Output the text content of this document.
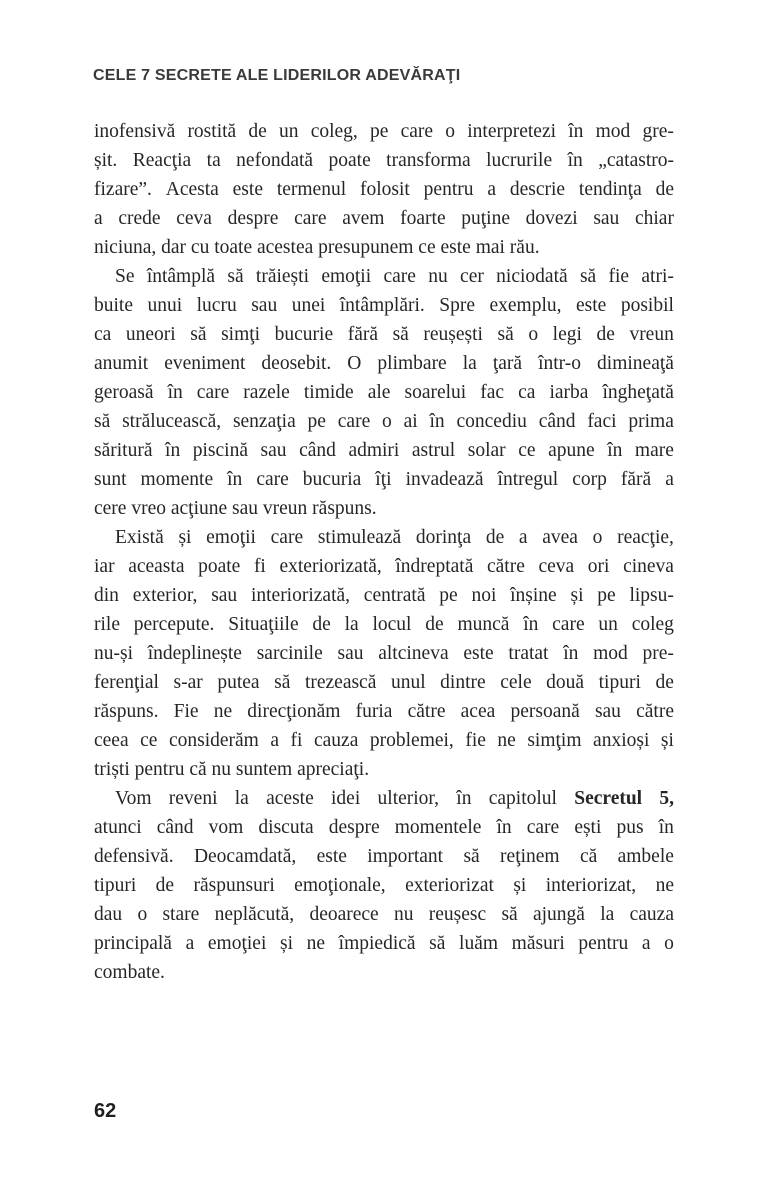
CELE 7 SECRETE ALE LIDERILOR ADEVĂRAŢI
inofensivă rostită de un coleg, pe care o interpretezi în mod gre-
șit. Reacţia ta nefondată poate transforma lucrurile în „catastro-
fizare”. Acesta este termenul folosit pentru a descrie tendinţa de
a crede ceva despre care avem foarte puţine dovezi sau chiar
niciuna, dar cu toate acestea presupunem ce este mai rău.
Se întâmplă să trăiești emoţii care nu cer niciodată să fie atri-
buite unui lucru sau unei întâmplări. Spre exemplu, este posibil
ca uneori să simţi bucurie fără să reușești să o legi de vreun
anumit eveniment deosebit. O plimbare la ţară într-o dimineaţă
geroasă în care razele timide ale soarelui fac ca iarba îngheţată
să strălucească, senzaţia pe care o ai în concediu când faci prima
săritură în piscină sau când admiri astrul solar ce apune în mare
sunt momente în care bucuria îţi invadează întregul corp fără a
cere vreo acţiune sau vreun răspuns.
Există și emoţii care stimulează dorinţa de a avea o reacţie,
iar aceasta poate fi exteriorizată, îndreptată către ceva ori cineva
din exterior, sau interiorizată, centrată pe noi înșine și pe lipsu-
rile percepute. Situaţiile de la locul de muncă în care un coleg
nu-și îndeplinește sarcinile sau altcineva este tratat în mod pre-
ferenţial s-ar putea să trezească unul dintre cele două tipuri de
răspuns. Fie ne direcţionăm furia către acea persoană sau către
ceea ce considerăm a fi cauza problemei, fie ne simţim anxioși și
triști pentru că nu suntem apreciaţi.
Vom reveni la aceste idei ulterior, în capitolul Secretul 5,
atunci când vom discuta despre momentele în care ești pus în
defensivă. Deocamdată, este important să reţinem că ambele
tipuri de răspunsuri emoţionale, exteriorizat și interiorizat, ne
dau o stare neplăcută, deoarece nu reușesc să ajungă la cauza
principală a emoţiei și ne împiedică să luăm măsuri pentru a o
combate.
62
